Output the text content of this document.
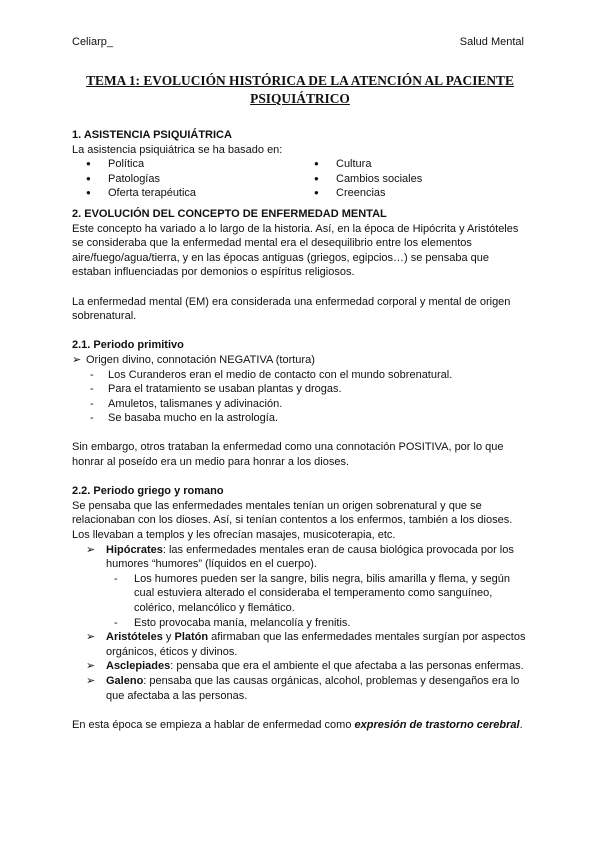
Celiarp_	Salud Mental
TEMA 1: EVOLUCIÓN HISTÓRICA DE LA ATENCIÓN AL PACIENTE PSIQUIÁTRICO
1. ASISTENCIA PSIQUIÁTRICA

La asistencia psiquiátrica se ha basado en:

● Política
● Patologías
● Oferta terapéutica
● Cultura
● Cambios sociales
● Creencias
2. EVOLUCIÓN DEL CONCEPTO DE ENFERMEDAD MENTAL

Este concepto ha variado a lo largo de la historia. Así, en la época de Hipócrita y Aristóteles se consideraba que la enfermedad mental era el desequilibrio entre los elementos aire/fuego/agua/tierra, y en las épocas antiguas (griegos, egipcios…) se pensaba que estaban influenciadas por demonios o espíritus religiosos.

La enfermedad mental (EM) era considerada una enfermedad corporal y mental de origen sobrenatural.

2.1. Periodo primitivo
➢ Origen divino, connotación NEGATIVA (tortura)
- Los Curanderos eran el medio de contacto con el mundo sobrenatural.
- Para el tratamiento se usaban plantas y drogas.
- Amuletos, talismanes y adivinación.
- Se basaba mucho en la astrología.

Sin embargo, otros trataban la enfermedad como una connotación POSITIVA, por lo que honrar al poseído era un medio para honrar a los dioses.

2.2. Periodo griego y romano

Se pensaba que las enfermedades mentales tenían un origen sobrenatural y que se relacionaban con los dioses. Así, si tenían contentos a los enfermos, también a los dioses. Los llevaban a templos y les ofrecían masajes, musicoterapia, etc.

➢ Hipócrates: las enfermedades mentales eran de causa biológica provocada por los humores “humores” (líquidos en el cuerpo).
- Los humores pueden ser la sangre, bilis negra, bilis amarilla y flema, y según cual estuviera alterado el consideraba el temperamento como sanguíneo, colérico, melancólico y flemático.
- Esto provocaba manía, melancolía y frenitis.
➢ Aristóteles y Platón afirmaban que las enfermedades mentales surgían por aspectos orgánicos, éticos y divinos.
➢ Asclepiades: pensaba que era el ambiente el que afectaba a las personas enfermas.
➢ Galeno: pensaba que las causas orgánicas, alcohol, problemas y desengaños era lo que afectaba a las personas.

En esta época se empieza a hablar de enfermedad como expresión de trastorno cerebral.
